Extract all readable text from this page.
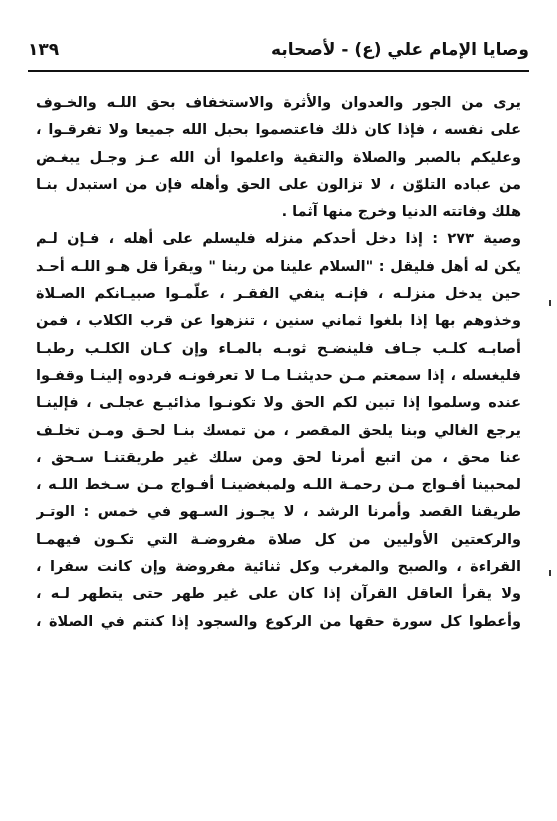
وصايا الإمام علي (ع) - لأصحابه
١٣٩

يرى من الجور والعدوان والأثرة والاستخفاف بحق اللـه والخـوف
على نفسه ، فإذا كان ذلك فاعتصموا بحبل الله جميعا ولا تفرقـوا ،
وعليكم بالصبر والصلاة والتقية واعلموا أن الله عـز وجـل يبغـض
من عباده التلوّن ، لا تزالون على الحق وأهله فإن من استبدل بنـا
هلك وفاتته الدنيا وخرج منها آثما .

وصية ٢٧٣ : إذا دخل أحدكم منزله فليسلم على أهله ، فـإن لـم
يكن له أهل فليقل : "السلام علينا من ربنا " ويقرأ قل هـو اللـه أحـد
حين يدخل منزلـه ، فإنـه ينفي الفقـر ، علّمـوا صبيـانكم الصـلاة
وخذوهم بها إذا بلغوا ثماني سنين ، تنزهوا عن قرب الكلاب ، فمن
أصابـه كلـب جـاف فلينضـح ثوبـه بالمـاء وإن كـان الكلـب رطبـا
فليغسله ، إذا سمعتم مـن حديثنـا مـا لا تعرفونـه فردوه إلينـا وقفـوا
عنده وسلموا إذا تبين لكم الحق ولا تكونـوا مذائيـع عجلـى ، فإلينـا
يرجع الغالي وبنا يلحق المقصر ، من تمسك بنـا لحـق ومـن تخلـف
عنا محق ، من اتبع أمرنا لحق ومن سلك غير طريقتنـا سـحق ،
لمحبينا أفـواج مـن رحمـة اللـه ولمبغضينـا أفـواج مـن سـخط اللـه ،
طريقنا القصد وأمرنا الرشد ، لا يجـوز السـهو في خمس : الوتـر
والركعتين الأوليين من كل صلاة مفروضـة التي تكـون فيهمـا
القراءة ، والصبح والمغرب وكل ثنائية مفروضة وإن كانت سفرا ،
ولا يقرأ العاقل القرآن إذا كان على غير طهر حتى يتطهر لـه ،
وأعطوا كل سورة حقها من الركوع والسجود إذا كنتم في الصلاة ،
